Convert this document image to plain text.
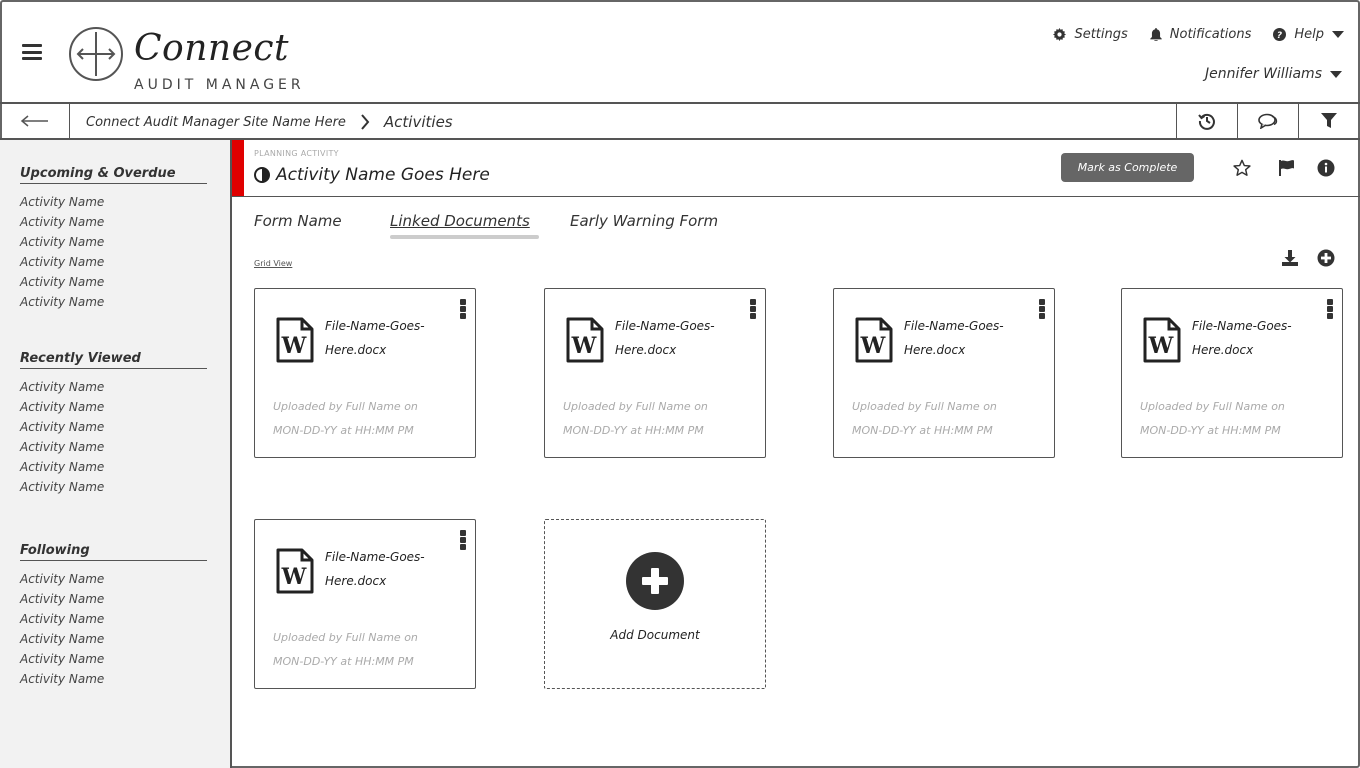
Connect
AUDIT MANAGER
Settings	Notifications ? Help
Jennifer Williams
Connect Audit Manager Site Name Here	Activities
Upcoming & Overdue
Activity Name
Activity Name
Activity Name
Activity Name
Activity Name
Activity Name
Recently Viewed
Activity Name
Activity Name
Activity Name
Activity Name
Activity Name
Activity Name
Following
Activity Name
Activity Name
Activity Name
Activity Name
Activity Name
Activity Name
PLANNING ACTIVITY
Activity Name Goes Here	Mark as Complete
Form Name	Linked Documents	Early Warning Form
Grid View
W
File-Name-Goes-
Here.docx
Uploaded by Full Name on
MON-DD-YY at HH:MM PM
W
File-Name-Goes-
Here.docx
Uploaded by Full Name on
MON-DD-YY at HH:MM PM
W
File-Name-Goes-
Here.docx
Uploaded by Full Name on
MON-DD-YY at HH:MM PM
W
File-Name-Goes-
Here.docx
Uploaded by Full Name on
MON-DD-YY at HH:MM PM
W
File-Name-Goes-
Here.docx
Uploaded by Full Name on
MON-DD-YY at HH:MM PM
Add Document
